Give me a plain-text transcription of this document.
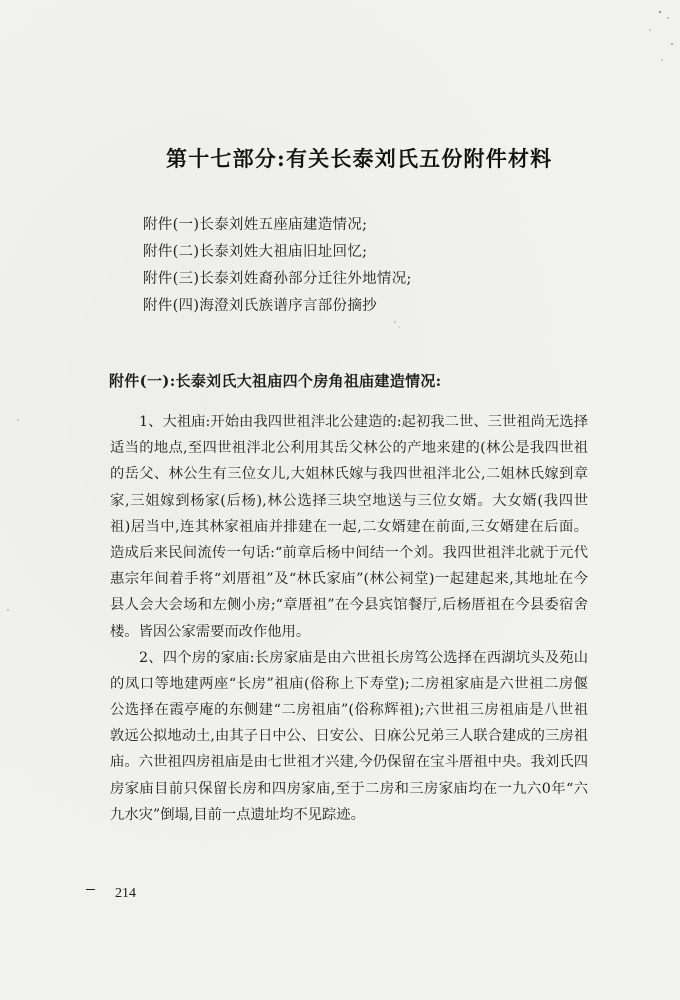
第十七部分:有关长泰刘氏五份附件材料
附件(一)长泰刘姓五座庙建造情况;
附件(二)长泰刘姓大祖庙旧址回忆;
附件(三)长泰刘姓裔孙部分迁往外地情况;
附件(四)海澄刘氏族谱序言部份摘抄
附件(一):长泰刘氏大祖庙四个房角祖庙建造情况:
1、大祖庙:开始由我四世祖泮北公建造的:起初我二世、三世祖尚无选择
适当的地点,至四世祖泮北公利用其岳父林公的产地来建的(林公是我四世祖
的岳父、林公生有三位女儿,大姐林氏嫁与我四世祖泮北公,二姐林氏嫁到章
家,三姐嫁到杨家(后杨),林公选择三块空地送与三位女婿。大女婿(我四世
祖)居当中,连其林家祖庙并排建在一起,二女婿建在前面,三女婿建在后面。
造成后来民间流传一句话:“前章后杨中间结一个刘。我四世祖泮北就于元代
惠宗年间着手将“刘厝祖”及“林氏家庙”(林公祠堂)一起建起来,其地址在今
县人会大会场和左侧小房;“章厝祖”在今县宾馆餐厅,后杨厝祖在今县委宿舍
楼。皆因公家需要而改作他用。
2、四个房的家庙:长房家庙是由六世祖长房笃公选择在西湖坑头及苑山
的凤口等地建两座“长房”祖庙(俗称上下寿堂);二房祖家庙是六世祖二房偃
公选择在霞亭庵的东侧建“二房祖庙”(俗称辉祖);六世祖三房祖庙是八世祖
敦远公拟地动土,由其子日中公、日安公、日庥公兄弟三人联合建成的三房祖
庙。六世祖四房祖庙是由七世祖才兴建,今仍保留在宝斗厝祖中央。我刘氏四
房家庙目前只保留长房和四房家庙,至于二房和三房家庙均在一九六0年“六
九水灾”倒塌,目前一点遗址均不见踪迹。
214
